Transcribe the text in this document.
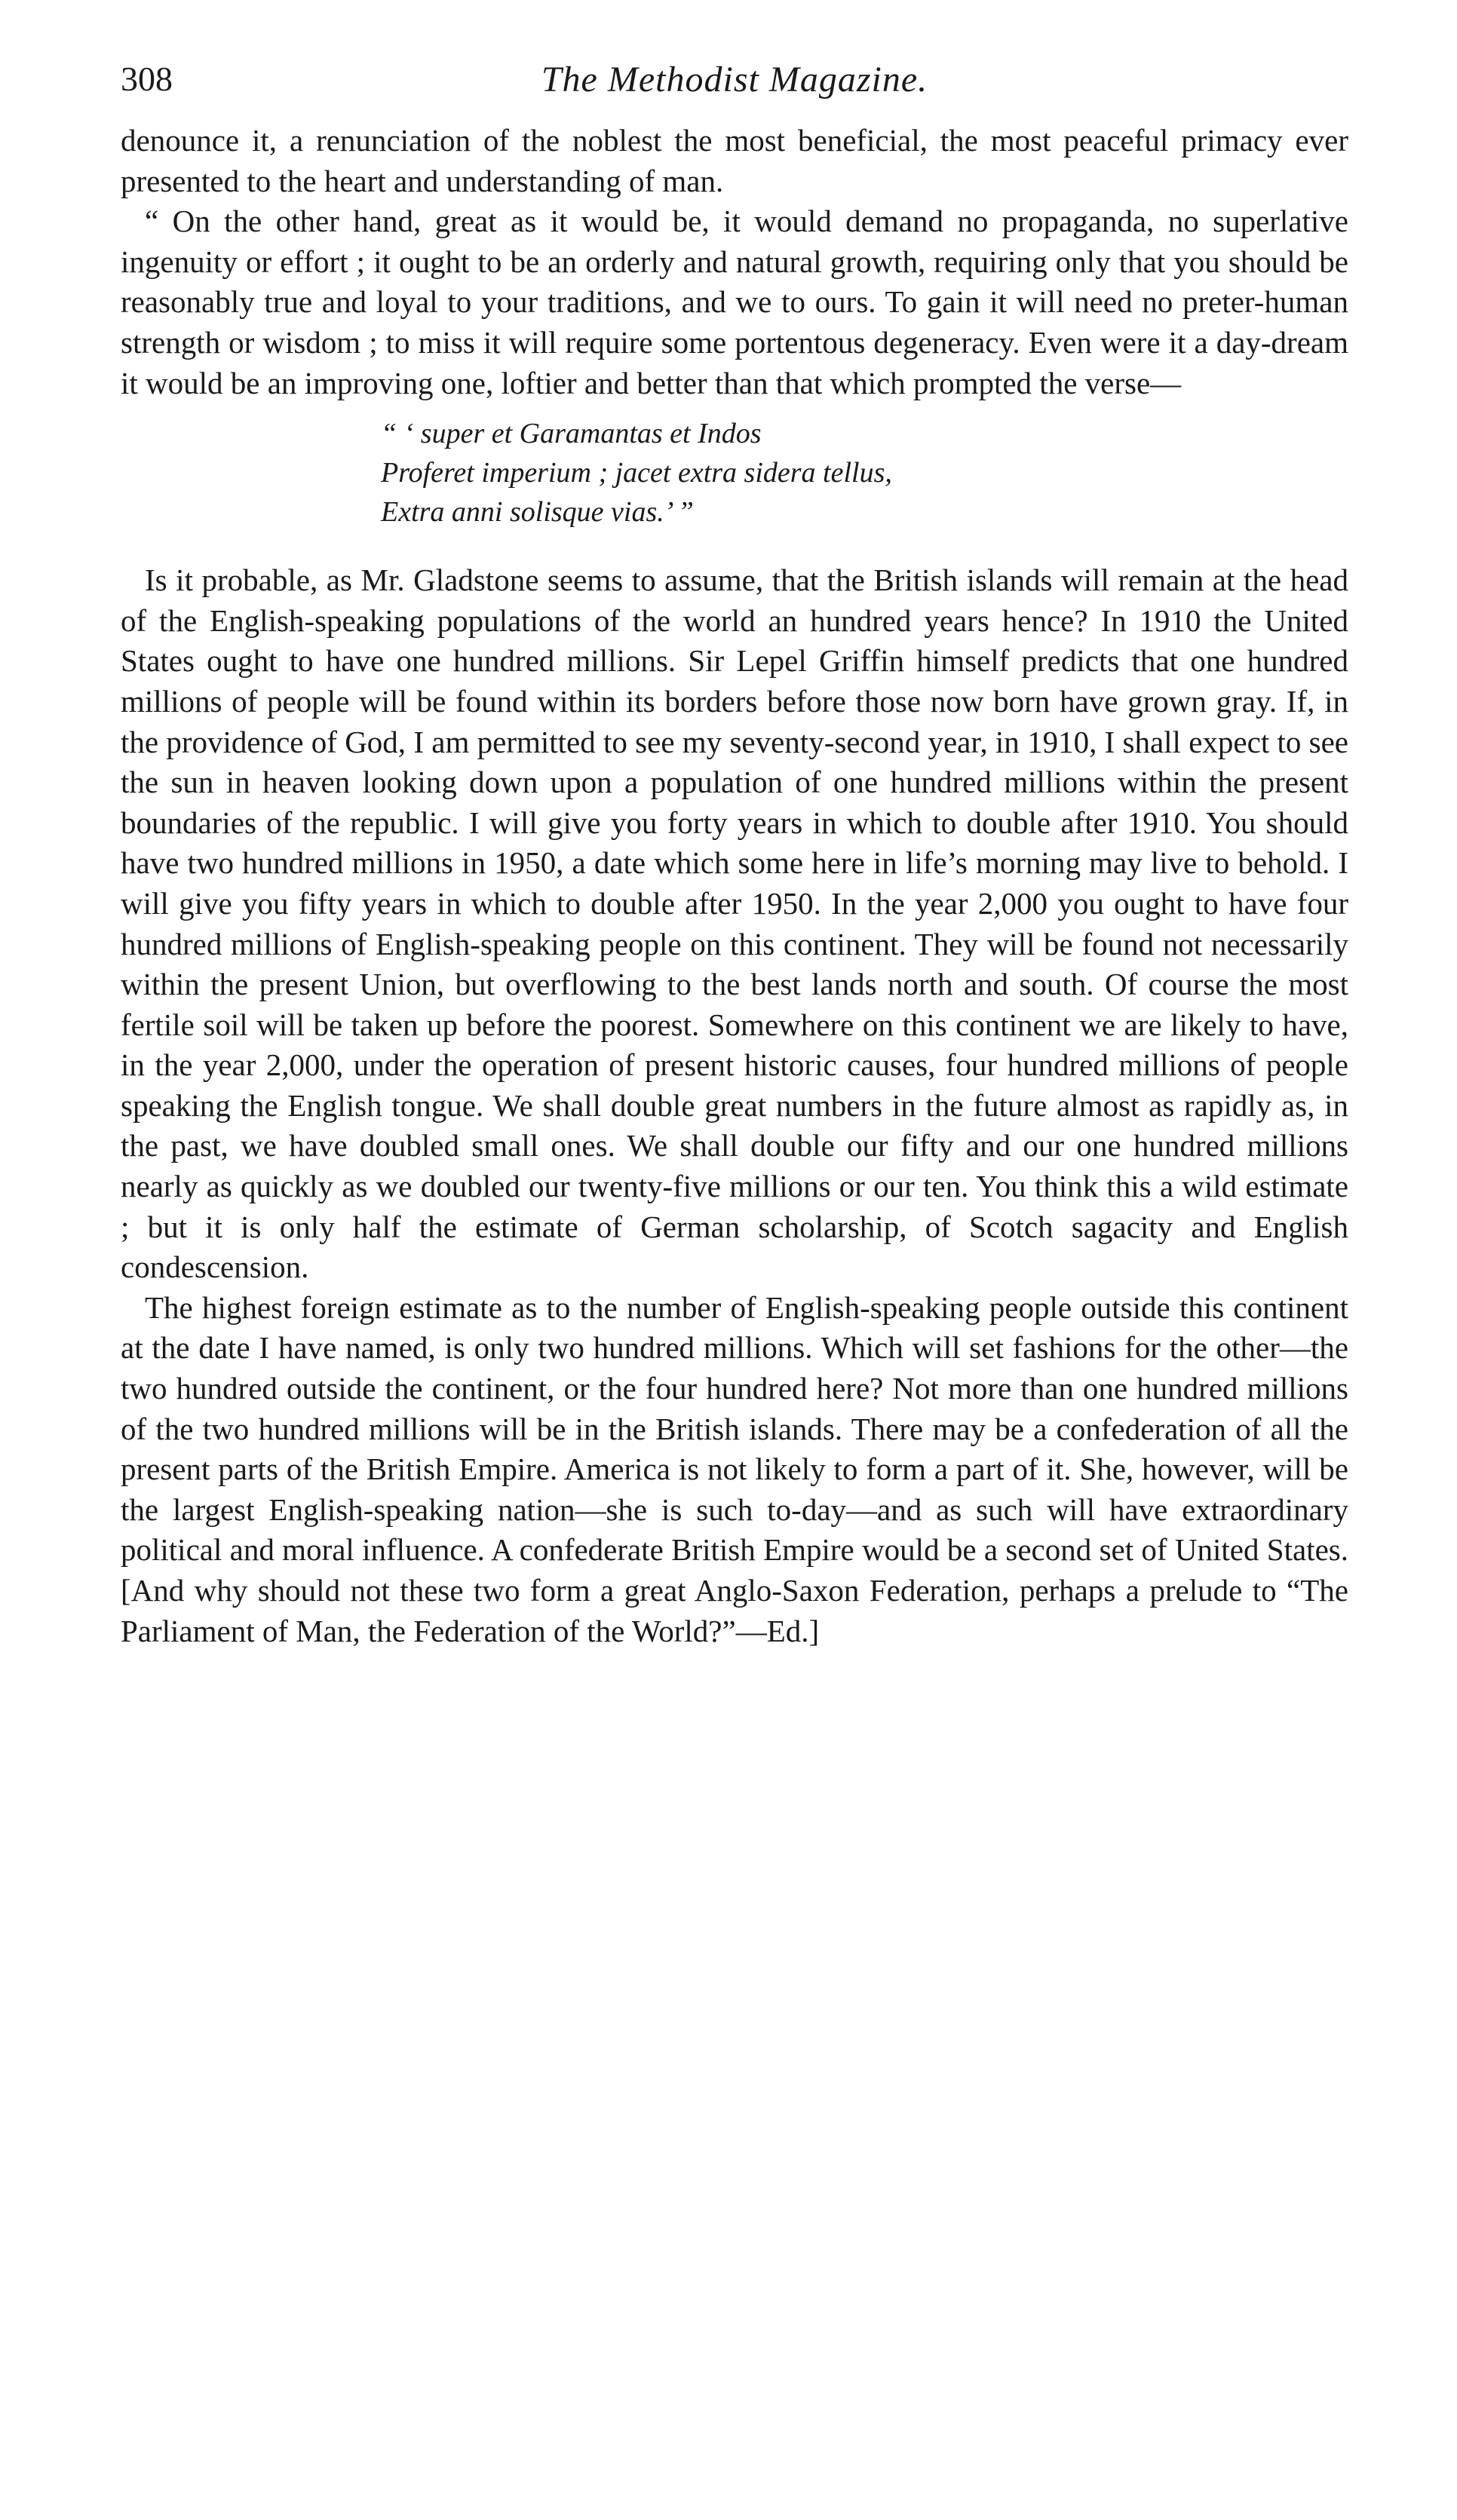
308	The Methodist Magazine.

denounce it, a renunciation of the noblest the most beneficial, the most peaceful primacy ever presented to the heart and understanding of man.

“ On the other hand, great as it would be, it would demand no propaganda, no superlative ingenuity or effort ; it ought to be an orderly and natural growth, requiring only that you should be reasonably true and loyal to your traditions, and we to ours. To gain it will need no preter-human strength or wisdom ; to miss it will require some portentous degeneracy. Even were it a day-dream it would be an improving one, loftier and better than that which prompted the verse—

“ ‘ super et Garamantas et Indos
Proferet imperium ; jacet extra sidera tellus,
Extra anni solisque vias.’ ”

Is it probable, as Mr. Gladstone seems to assume, that the British islands will remain at the head of the English-speaking populations of the world an hundred years hence? In 1910 the United States ought to have one hundred millions. Sir Lepel Griffin himself predicts that one hundred millions of people will be found within its borders before those now born have grown gray. If, in the providence of God, I am permitted to see my seventy-second year, in 1910, I shall expect to see the sun in heaven looking down upon a population of one hundred millions within the present boundaries of the republic. I will give you forty years in which to double after 1910. You should have two hundred millions in 1950, a date which some here in life’s morning may live to behold. I will give you fifty years in which to double after 1950. In the year 2,000 you ought to have four hundred millions of English-speaking people on this continent. They will be found not necessarily within the present Union, but overflowing to the best lands north and south. Of course the most fertile soil will be taken up before the poorest. Somewhere on this continent we are likely to have, in the year 2,000, under the operation of present historic causes, four hundred millions of people speaking the English tongue. We shall double great numbers in the future almost as rapidly as, in the past, we have doubled small ones. We shall double our fifty and our one hundred millions nearly as quickly as we doubled our twenty-five millions or our ten. You think this a wild estimate ; but it is only half the estimate of German scholarship, of Scotch sagacity and English condescension.

The highest foreign estimate as to the number of English-speaking people outside this continent at the date I have named, is only two hundred millions. Which will set fashions for the other—the two hundred outside the continent, or the four hundred here? Not more than one hundred millions of the two hundred millions will be in the British islands. There may be a confederation of all the present parts of the British Empire. America is not likely to form a part of it. She, however, will be the largest English-speaking nation—she is such to-day—and as such will have extraordinary political and moral influence. A confederate British Empire would be a second set of United States. [And why should not these two form a great Anglo-Saxon Federation, perhaps a prelude to “The Parliament of Man, the Federation of the World?”—Ed.]
